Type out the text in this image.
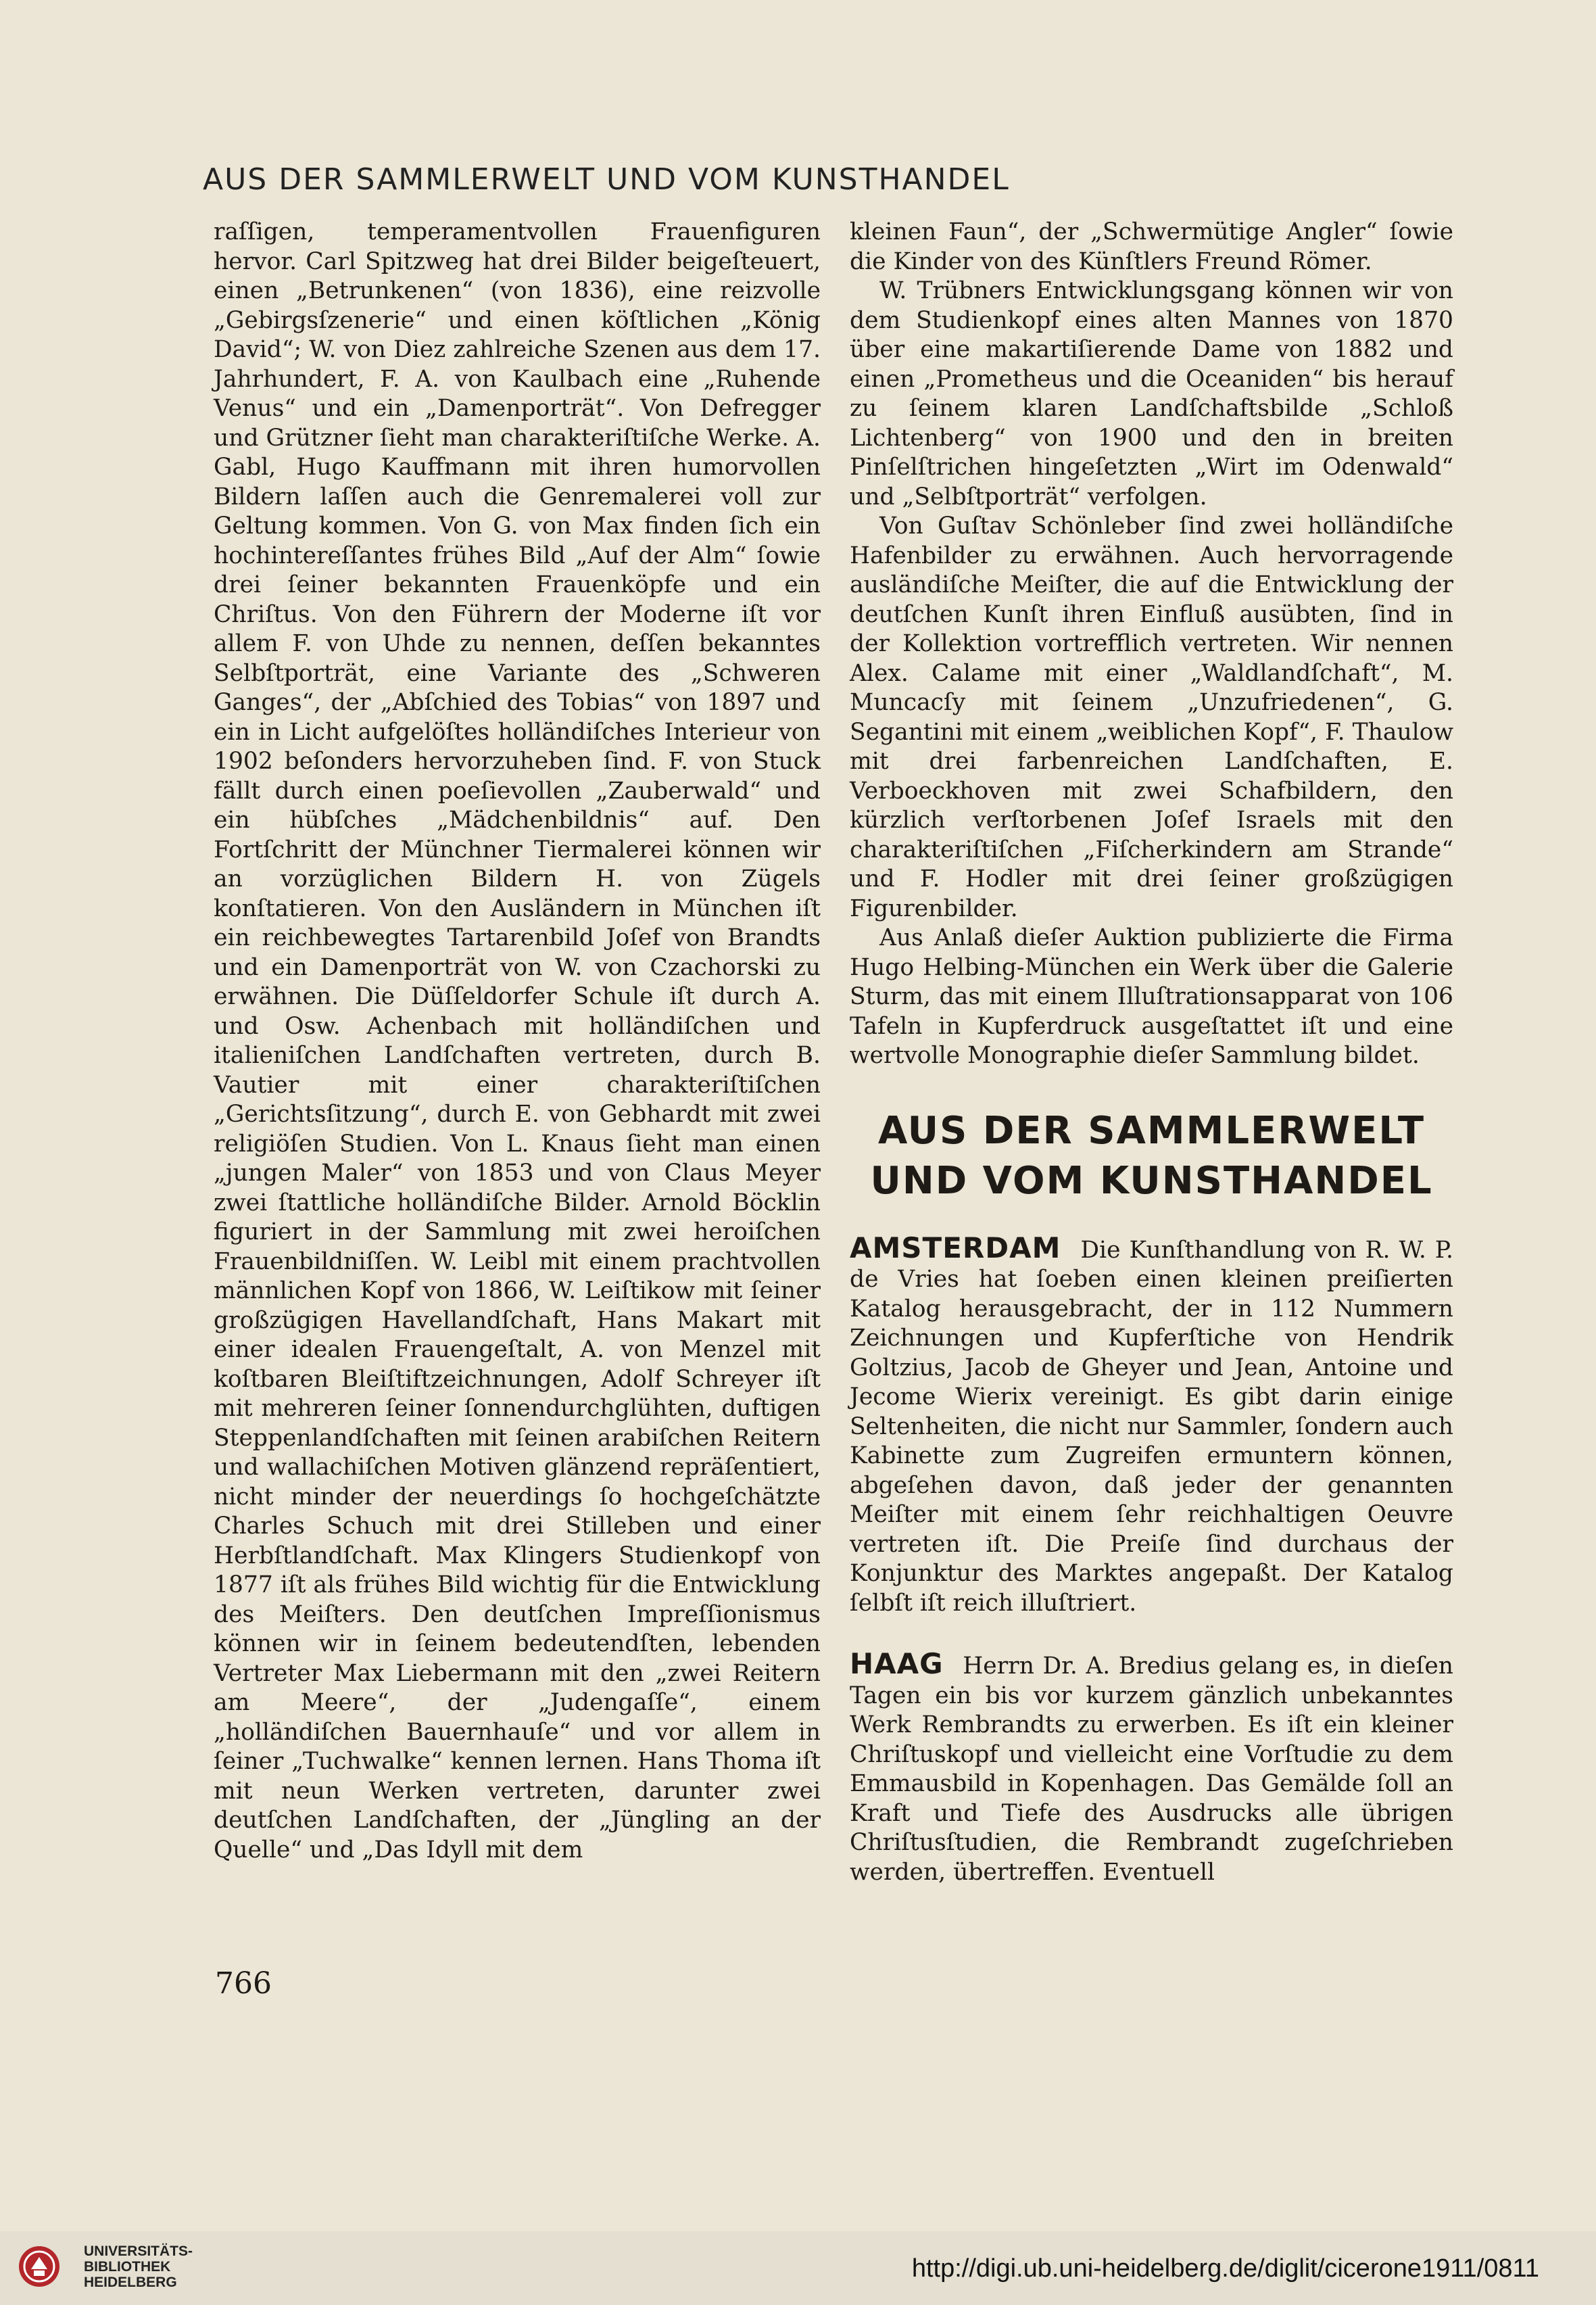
AUS DER SAMMLERWELT UND VOM KUNSTHANDEL

raſſigen, temperamentvollen Frauenfiguren hervor. Carl Spitzweg hat drei Bilder beigeſteuert, einen „Betrunkenen“ (von 1836), eine reizvolle „Gebirgsſzenerie“ und einen köſtlichen „König David“; W. von Diez zahlreiche Szenen aus dem 17. Jahrhundert, F. A. von Kaulbach eine „Ruhende Venus“ und ein „Damenporträt“. Von Defregger und Grützner ſieht man charakteriſtiſche Werke. A. Gabl, Hugo Kauffmann mit ihren humorvollen Bildern laſſen auch die Genremalerei voll zur Geltung kommen. Von G. von Max finden ſich ein hochintereſſantes frühes Bild „Auf der Alm“ ſowie drei ſeiner bekannten Frauenköpfe und ein Chriſtus. Von den Führern der Moderne iſt vor allem F. von Uhde zu nennen, deſſen bekanntes Selbſtporträt, eine Variante des „Schweren Ganges“, der „Abſchied des Tobias“ von 1897 und ein in Licht aufgelöſtes holländiſches Interieur von 1902 beſonders hervorzuheben ſind. F. von Stuck fällt durch einen poeſievollen „Zauberwald“ und ein hübſches „Mädchenbildnis“ auf. Den Fortſchritt der Münchner Tiermalerei können wir an vorzüglichen Bildern H. von Zügels konſtatieren. Von den Ausländern in München iſt ein reichbewegtes Tartarenbild Joſef von Brandts und ein Damenporträt von W. von Czachorski zu erwähnen. Die Düſſeldorfer Schule iſt durch A. und Osw. Achenbach mit holländiſchen und italieniſchen Landſchaften vertreten, durch B. Vautier mit einer charakteriſtiſchen „Gerichtsſitzung“, durch E. von Gebhardt mit zwei religiöſen Studien. Von L. Knaus ſieht man einen „jungen Maler“ von 1853 und von Claus Meyer zwei ſtattliche holländiſche Bilder. Arnold Böcklin figuriert in der Sammlung mit zwei heroiſchen Frauenbildniſſen. W. Leibl mit einem prachtvollen männlichen Kopf von 1866, W. Leiſtikow mit ſeiner großzügigen Havellandſchaft, Hans Makart mit einer idealen Frauengeſtalt, A. von Menzel mit koſtbaren Bleiſtiftzeichnungen, Adolf Schreyer iſt mit mehreren ſeiner ſonnendurchglühten, duftigen Steppenlandſchaften mit ſeinen arabiſchen Reitern und wallachiſchen Motiven glänzend repräſentiert, nicht minder der neuerdings ſo hochgeſchätzte Charles Schuch mit drei Stilleben und einer Herbſtlandſchaft. Max Klingers Studienkopf von 1877 iſt als frühes Bild wichtig für die Entwicklung des Meiſters. Den deutſchen Impreſſionismus können wir in ſeinem bedeutendſten, lebenden Vertreter Max Liebermann mit den „zwei Reitern am Meere“, der „Judengaſſe“, einem „holländiſchen Bauernhauſe“ und vor allem in ſeiner „Tuchwalke“ kennen lernen. Hans Thoma iſt mit neun Werken vertreten, darunter zwei deutſchen Landſchaften, der „Jüngling an der Quelle“ und „Das Idyll mit dem

kleinen Faun“, der „Schwermütige Angler“ ſowie die Kinder von des Künſtlers Freund Römer.

W. Trübners Entwicklungsgang können wir von dem Studienkopf eines alten Mannes von 1870 über eine makartiſierende Dame von 1882 und einen „Prometheus und die Oceaniden“ bis herauf zu ſeinem klaren Landſchaftsbilde „Schloß Lichtenberg“ von 1900 und den in breiten Pinſelſtrichen hingeſetzten „Wirt im Odenwald“ und „Selbſtporträt“ verfolgen.

Von Guſtav Schönleber ſind zwei holländiſche Hafenbilder zu erwähnen. Auch hervorragende ausländiſche Meiſter, die auf die Entwicklung der deutſchen Kunſt ihren Einfluß ausübten, ſind in der Kollektion vortrefflich vertreten. Wir nennen Alex. Calame mit einer „Waldlandſchaft“, M. Muncacſy mit ſeinem „Unzufriedenen“, G. Segantini mit einem „weiblichen Kopf“, F. Thaulow mit drei farbenreichen Landſchaften, E. Verboeckhoven mit zwei Schafbildern, den kürzlich verſtorbenen Joſef Israels mit den charakteriſtiſchen „Fiſcherkindern am Strande“ und F. Hodler mit drei ſeiner großzügigen Figurenbilder.

Aus Anlaß dieſer Auktion publizierte die Firma Hugo Helbing-München ein Werk über die Galerie Sturm, das mit einem Illuſtrationsapparat von 106 Tafeln in Kupferdruck ausgeſtattet iſt und eine wertvolle Monographie dieſer Sammlung bildet.

AUS DER SAMMLERWELT
UND VOM KUNSTHANDEL

AMSTERDAM Die Kunſthandlung von R. W. P. de Vries hat ſoeben einen kleinen preiſierten Katalog herausgebracht, der in 112 Nummern Zeichnungen und Kupferſtiche von Hendrik Goltzius, Jacob de Gheyer und Jean, Antoine und Jecome Wierix vereinigt. Es gibt darin einige Seltenheiten, die nicht nur Sammler, ſondern auch Kabinette zum Zugreifen ermuntern können, abgeſehen davon, daß jeder der genannten Meiſter mit einem ſehr reichhaltigen Oeuvre vertreten iſt. Die Preiſe ſind durchaus der Konjunktur des Marktes angepaßt. Der Katalog ſelbſt iſt reich illuſtriert.

HAAG Herrn Dr. A. Bredius gelang es, in dieſen Tagen ein bis vor kurzem gänzlich unbekanntes Werk Rembrandts zu erwerben. Es iſt ein kleiner Chriſtuskopf und vielleicht eine Vorſtudie zu dem Emmausbild in Kopenhagen. Das Gemälde ſoll an Kraft und Tiefe des Ausdrucks alle übrigen Chriſtusſtudien, die Rembrandt zugeſchrieben werden, übertreffen. Eventuell

766
UNIVERSITÄTS-
BIBLIOTHEK
HEIDELBERG	http://digi.ub.uni-heidelberg.de/diglit/cicerone1911/0811
